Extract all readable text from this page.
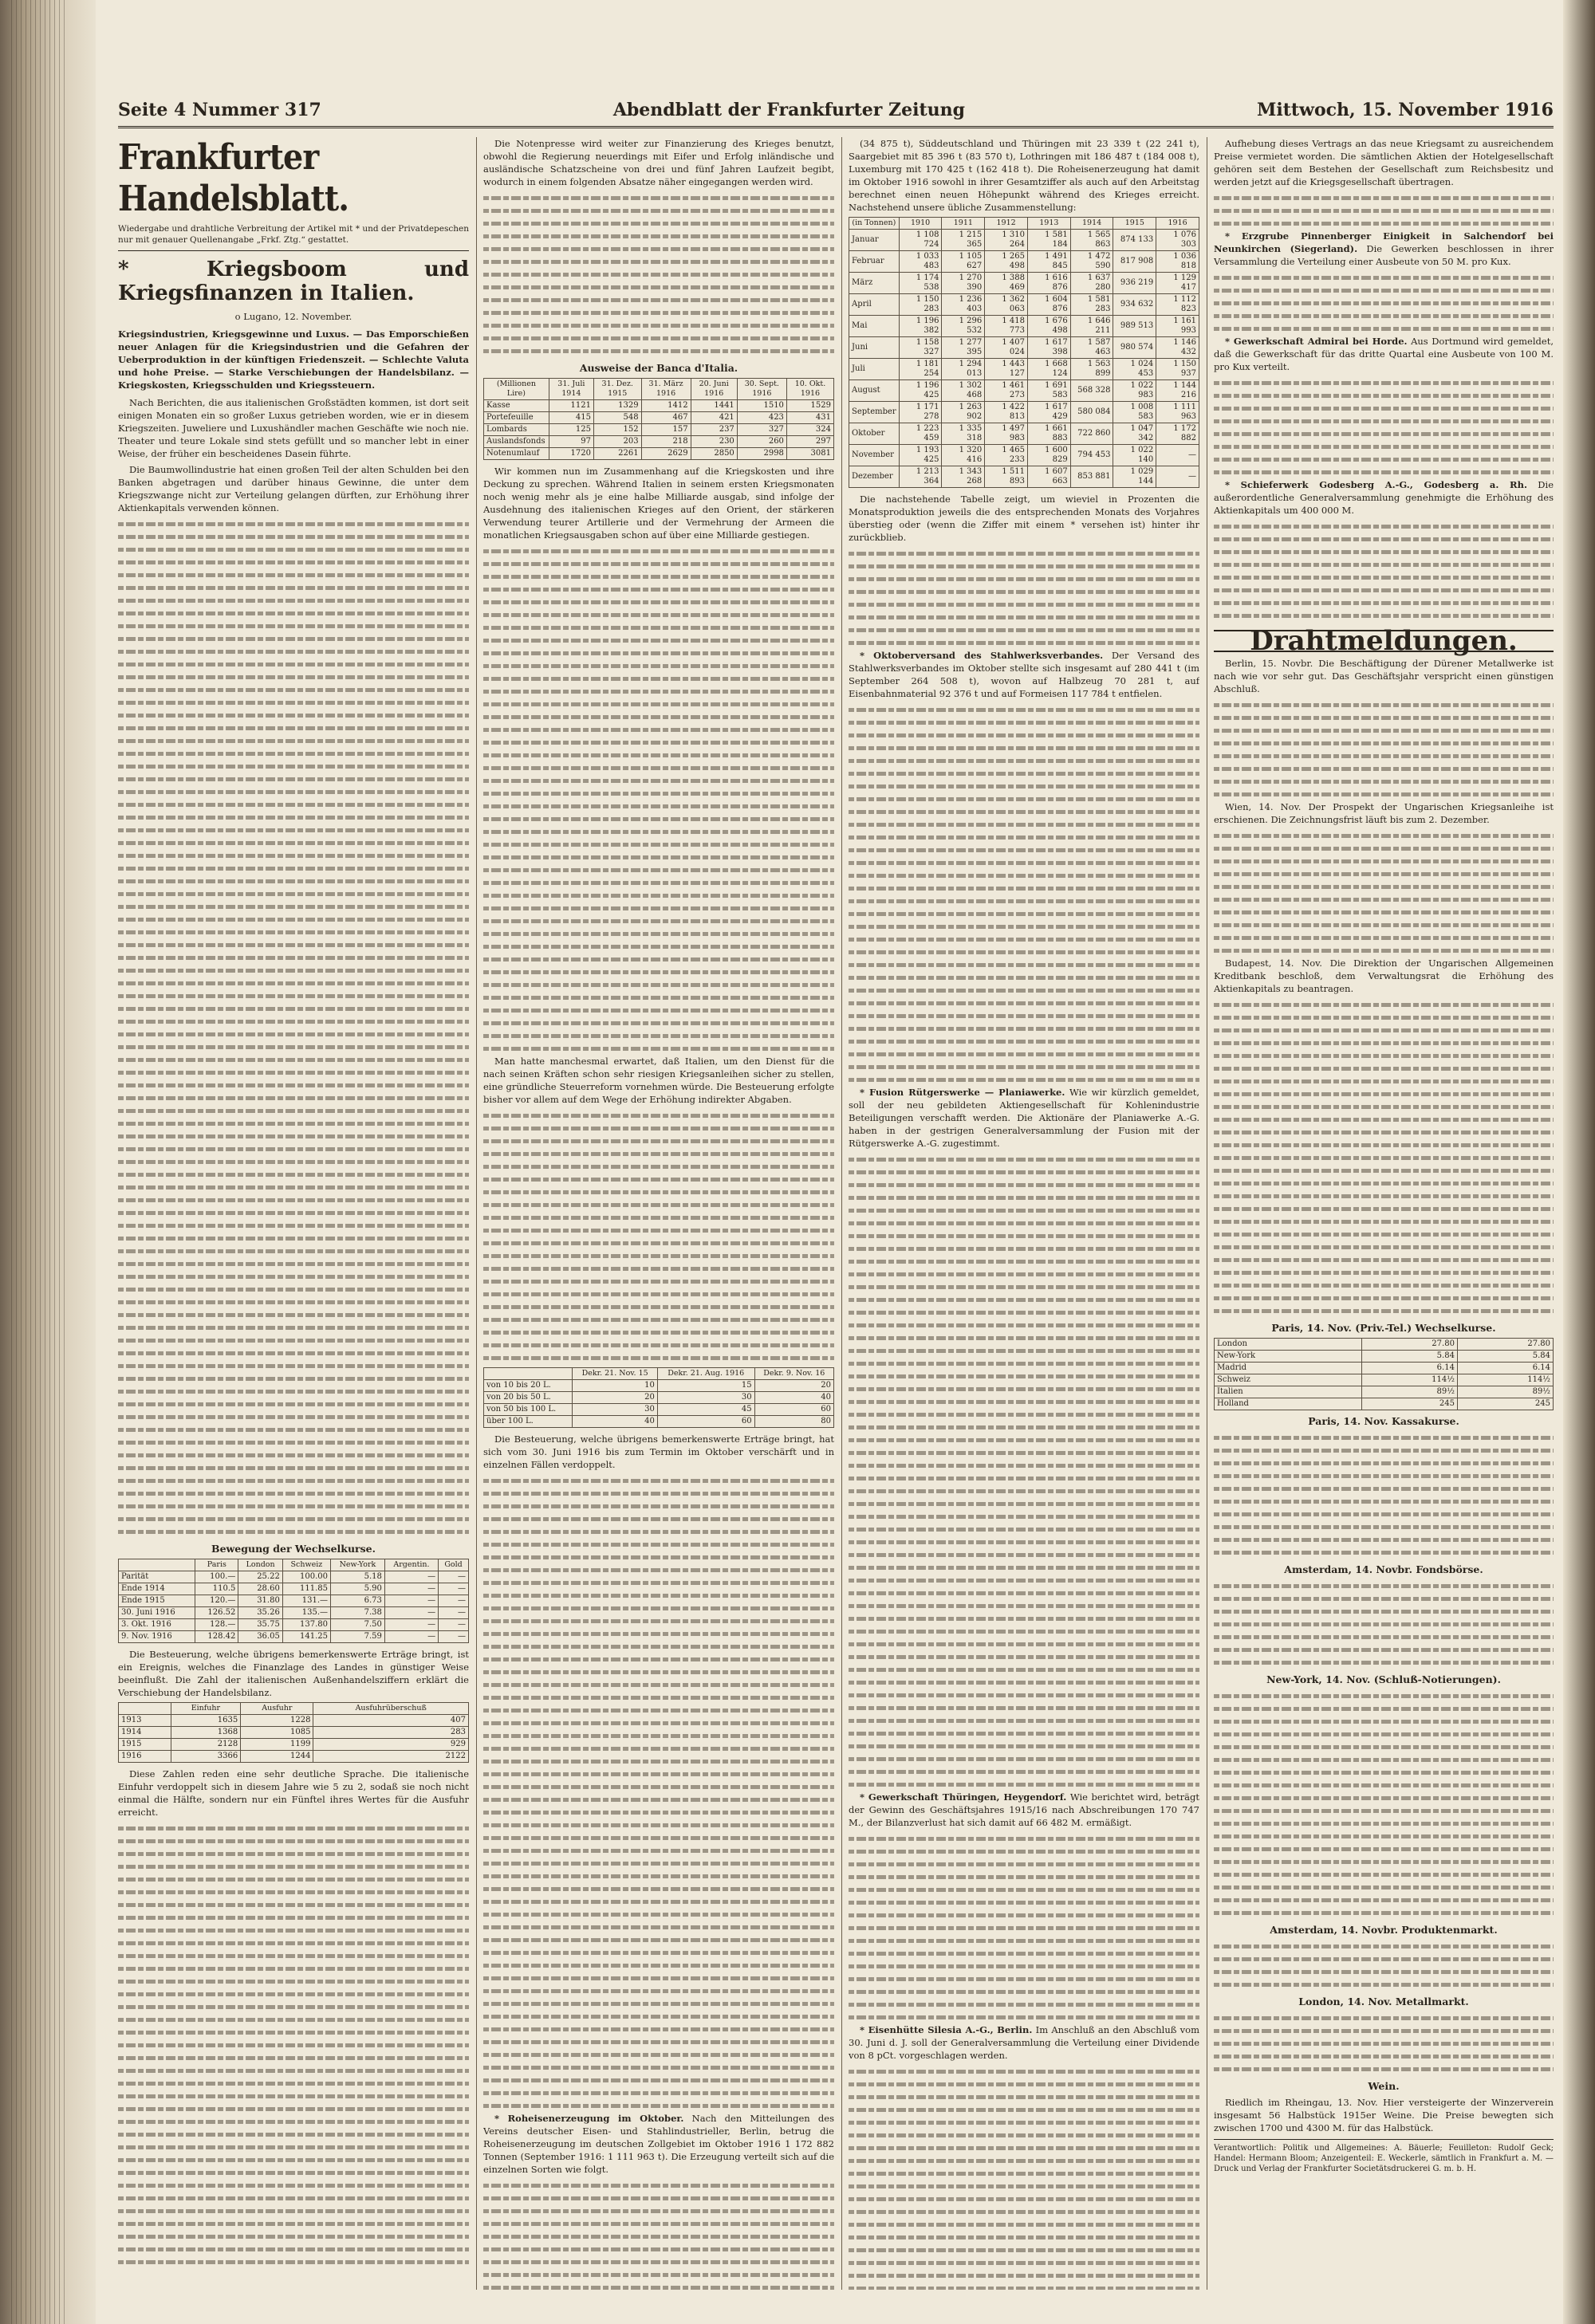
Seite 4 Nummer 317	Abendblatt der Frankfurter Zeitung	Mittwoch, 15. November 1916
Frankfurter Handelsblatt.
Wiedergabe und drahtliche Verbreitung der Artikel mit * und der Privatdepeschen nur mit genauer Quellenangabe „Frkf. Ztg.“ gestattet.
* Kriegsboom und Kriegsfinanzen in Italien.
o Lugano, 12. November.
Kriegsindustrien, Kriegsgewinne und Luxus. — Das Emporschießen neuer Anlagen für die Kriegsindustrien und die Gefahren der Ueberproduktion in der künftigen Friedenszeit. — Schlechte Valuta und hohe Preise. — Starke Verschiebungen der Handelsbilanz. — Kriegskosten, Kriegsschulden und Kriegssteuern.

Nach Berichten, die aus italienischen Großstädten kommen, ist dort seit einigen Monaten ein so großer Luxus getrieben worden, wie er in diesem Kriegszeiten. Juweliere und Luxushändler machen Geschäfte wie noch nie. Theater und teure Lokale sind stets gefüllt und so mancher lebt in einer Weise, der früher ein bescheidenes Dasein führte.

Die Baumwollindustrie hat einen großen Teil der alten Schulden bei den Banken abgetragen und darüber hinaus Gewinne, die unter dem Kriegszwange nicht zur Verteilung gelangen dürften, zur Erhöhung ihrer Aktienkapitals verwenden können.

Bewegung der Wechselkurse.
	Paris	London	Schweiz	New-York	Argentin.	Gold
Parität	100.—	25.22	100.00	5.18	—	—
Ende 1914	110.5	28.60	111.85	5.90	—	—
Ende 1915	120.—	31.80	131.—	6.73	—	—
30. Juni 1916	126.52	35.26	135.—	7.38	—	—
3. Okt. 1916	128.—	35.75	137.80	7.50	—	—
9. Nov. 1916	128.42	36.05	141.25	7.59	—	—

Die Besteuerung, welche übrigens bemerkenswerte Erträge bringt, ist ein Ereignis, welches die Finanzlage des Landes in günstiger Weise beeinflußt. Die Zahl der italienischen Außenhandelsziffern erklärt die Verschiebung der Handelsbilanz.

	Einfuhr	Ausfuhr	Ausfuhrüberschuß
1913	1635	1228	407
1914	1368	1085	283
1915	2128	1199	929
1916	3366	1244	2122

Diese Zahlen reden eine sehr deutliche Sprache. Die italienische Einfuhr verdoppelt sich in diesem Jahre wie 5 zu 2, sodaß sie noch nicht einmal die Hälfte, sondern nur ein Fünftel ihres Wertes für die Ausfuhr erreicht.

Die Notenpresse wird weiter zur Finanzierung des Krieges benutzt, obwohl die Regierung neuerdings mit Eifer und Erfolg inländische und ausländische Schatzscheine von drei und fünf Jahren Laufzeit begibt, wodurch in einem folgenden Absatze näher eingegangen werden wird.

Ausweise der Banca d'Italia.
(Millionen Lire)	31. Juli 1914	31. Dez. 1915	31. März 1916	20. Juni 1916	30. Sept. 1916	10. Okt. 1916
Kasse	1121	1329	1412	1441	1510	1529
Portefeuille	415	548	467	421	423	431
Lombards	125	152	157	237	327	324
Auslandsfonds	97	203	218	230	260	297
Notenumlauf	1720	2261	2629	2850	2998	3081

Wir kommen nun im Zusammenhang auf die Kriegskosten und ihre Deckung zu sprechen. Während Italien in seinem ersten Kriegsmonaten noch wenig mehr als je eine halbe Milliarde ausgab, sind infolge der Ausdehnung des italienischen Krieges auf den Orient, der stärkeren Verwendung teurer Artillerie und der Vermehrung der Armeen die monatlichen Kriegsausgaben schon auf über eine Milliarde gestiegen.

Man hatte manchesmal erwartet, daß Italien, um den Dienst für die nach seinen Kräften schon sehr riesigen Kriegsanleihen sicher zu stellen, eine gründliche Steuerreform vornehmen würde. Die Besteuerung erfolgte bisher vor allem auf dem Wege der Erhöhung indirekter Abgaben.

	Dekr. 21. Nov. 15	Dekr. 21. Aug. 1916	Dekr. 9. Nov. 16
von 10 bis 20 L.	10	15	20
von 20 bis 50 L.	20	30	40
von 50 bis 100 L.	30	45	60
über 100 L.	40	60	80

Die Besteuerung, welche übrigens bemerkenswerte Erträge bringt, hat sich vom 30. Juni 1916 bis zum Termin im Oktober verschärft und in einzelnen Fällen verdoppelt.

* Roheisenerzeugung im Oktober. Nach den Mitteilungen des Vereins deutscher Eisen- und Stahlindustrieller, Berlin, betrug die Roheisenerzeugung im deutschen Zollgebiet im Oktober 1916 1 172 882 Tonnen (September 1916: 1 111 963 t). Die Erzeugung verteilt sich auf die einzelnen Sorten wie folgt.

(34 875 t), Süddeutschland und Thüringen mit 23 339 t (22 241 t), Saargebiet mit 85 396 t (83 570 t), Lothringen mit 186 487 t (184 008 t), Luxemburg mit 170 425 t (162 418 t). Die Roheisenerzeugung hat damit im Oktober 1916 sowohl in ihrer Gesamtziffer als auch auf den Arbeitstag berechnet einen neuen Höhepunkt während des Krieges erreicht. Nachstehend unsere übliche Zusammenstellung:

(in Tonnen)	1910	1911	1912	1913	1914	1915	1916
Januar	1 108 724	1 215 365	1 310 264	1 581 184	1 565 863	874 133	1 076 303
Februar	1 033 483	1 105 627	1 265 498	1 491 845	1 472 590	817 908	1 036 818
März	1 174 538	1 270 390	1 388 469	1 616 876	1 637 280	936 219	1 129 417
April	1 150 283	1 236 403	1 362 063	1 604 876	1 581 283	934 632	1 112 823
Mai	1 196 382	1 296 532	1 418 773	1 676 498	1 646 211	989 513	1 161 993
Juni	1 158 327	1 277 395	1 407 024	1 617 398	1 587 463	980 574	1 146 432
Juli	1 181 254	1 294 013	1 443 127	1 668 124	1 563 899	1 024 453	1 150 937
August	1 196 425	1 302 468	1 461 273	1 691 583	568 328	1 022 983	1 144 216
September	1 171 278	1 263 902	1 422 813	1 617 429	580 084	1 008 583	1 111 963
Oktober	1 223 459	1 335 318	1 497 983	1 661 883	722 860	1 047 342	1 172 882
November	1 193 425	1 320 416	1 465 233	1 600 829	794 453	1 022 140	—
Dezember	1 213 364	1 343 268	1 511 893	1 607 663	853 881	1 029 144	—

Die nachstehende Tabelle zeigt, um wieviel in Prozenten die Monatsproduktion jeweils die des entsprechenden Monats des Vorjahres überstieg oder (wenn die Ziffer mit einem * versehen ist) hinter ihr zurückblieb.

* Oktoberversand des Stahlwerksverbandes. Der Versand des Stahlwerksverbandes im Oktober stellte sich insgesamt auf 280 441 t (im September 264 508 t), wovon auf Halbzeug 70 281 t, auf Eisenbahnmaterial 92 376 t und auf Formeisen 117 784 t entfielen.

* Fusion Rütgerswerke — Planiawerke. Wie wir kürzlich gemeldet, soll der neu gebildeten Aktiengesellschaft für Kohlenindustrie Beteiligungen verschafft werden. Die Aktionäre der Planiawerke A.-G. haben in der gestrigen Generalversammlung der Fusion mit der Rütgerswerke A.-G. zugestimmt.

* Gewerkschaft Thüringen, Heygendorf. Wie berichtet wird, beträgt der Gewinn des Geschäftsjahres 1915/16 nach Abschreibungen 170 747 M., der Bilanzverlust hat sich damit auf 66 482 M. ermäßigt.

* Eisenhütte Silesia A.-G., Berlin. Im Anschluß an den Abschluß vom 30. Juni d. J. soll der Generalversammlung die Verteilung einer Dividende von 8 pCt. vorgeschlagen werden.

Aufhebung dieses Vertrags an das neue Kriegsamt zu ausreichendem Preise vermietet worden. Die sämtlichen Aktien der Hotelgesellschaft gehören seit dem Bestehen der Gesellschaft zum Reichsbesitz und werden jetzt auf die Kriegsgesellschaft übertragen.

* Erzgrube Pinnenberger Einigkeit in Salchendorf bei Neunkirchen (Siegerland). Die Gewerken beschlossen in ihrer Versammlung die Verteilung einer Ausbeute von 50 M. pro Kux.

* Gewerkschaft Admiral bei Horde. Aus Dortmund wird gemeldet, daß die Gewerkschaft für das dritte Quartal eine Ausbeute von 100 M. pro Kux verteilt.

* Schieferwerk Godesberg A.-G., Godesberg a. Rh. Die außerordentliche Generalversammlung genehmigte die Erhöhung des Aktienkapitals um 400 000 M.

Drahtmeldungen.

Berlin, 15. Novbr. Die Beschäftigung der Dürener Metallwerke ist nach wie vor sehr gut. Das Geschäftsjahr verspricht einen günstigen Abschluß.

Wien, 14. Nov. Der Prospekt der Ungarischen Kriegsanleihe ist erschienen. Die Zeichnungsfrist läuft bis zum 2. Dezember.

Budapest, 14. Nov. Die Direktion der Ungarischen Allgemeinen Kreditbank beschloß, dem Verwaltungsrat die Erhöhung des Aktienkapitals zu beantragen.

Paris, 14. Nov. (Priv.-Tel.) Wechselkurse.
London	27.80	27.80
New-York	5.84	5.84
Madrid	6.14	6.14
Schweiz	114½	114½
Italien	89½	89½
Holland	245	245
Paris, 14. Nov. Kassakurse.
Amsterdam, 14. Novbr. Fondsbörse.
New-York, 14. Nov. (Schluß-Notierungen).
Amsterdam, 14. Novbr. Produktenmarkt.
London, 14. Nov. Metallmarkt.
Wein.

Riedlich im Rheingau, 13. Nov. Hier versteigerte der Winzerverein insgesamt 56 Halbstück 1915er Weine. Die Preise bewegten sich zwischen 1700 und 4300 M. für das Halbstück.

Verantwortlich: Politik und Allgemeines: A. Bäuerle; Feuilleton: Rudolf Geck; Handel: Hermann Bloom; Anzeigenteil: E. Weckerle, sämtlich in Frankfurt a. M. — Druck und Verlag der Frankfurter Societätsdruckerei G. m. b. H.
